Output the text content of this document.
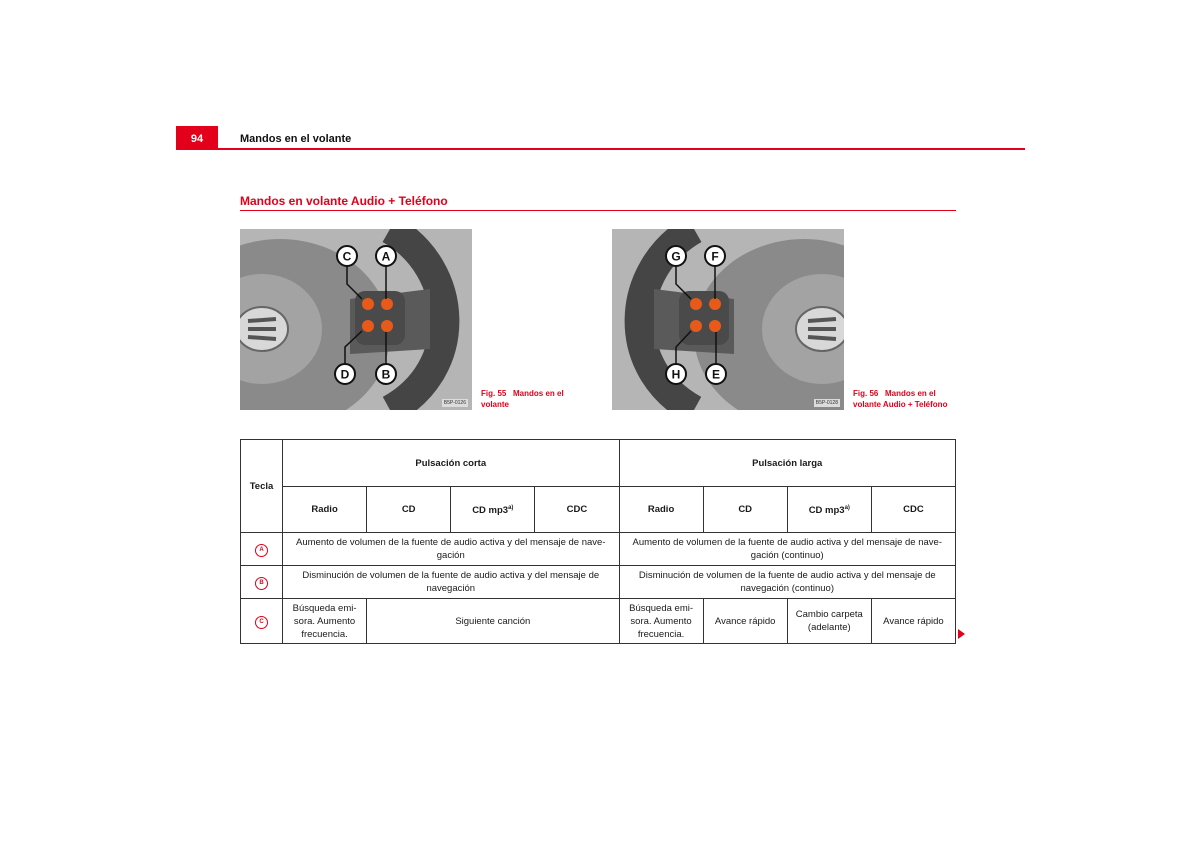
94	Mandos en el volante
Mandos en volante Audio + Teléfono
C	A
D	B
B5P-0126
Fig. 55 Mandos en el volante
G	F
H	E
B5P-0128
Fig. 56 Mandos en el volante Audio + Teléfono
Tecla	Pulsación corta				Pulsación larga			
	Radio	CD	CD mp3$^{a)}$	CDC	Radio	CD	CD mp3$^{a)}$	CDC
A	Aumento de volumen de la fuente de audio activa y del mensaje de nave-gación				Aumento de volumen de la fuente de audio activa y del mensaje de nave-gación (continuo)			
B	Disminución de volumen de la fuente de audio activa y del mensaje de navegación				Disminución de volumen de la fuente de audio activa y del mensaje de navegación (continuo)			
C	Búsqueda emi-sora. Aumento frecuencia.	Siguiente canción			Búsqueda emi-sora. Aumento frecuencia.	Avance rápido	Cambio carpeta (adelante)	Avance rápido
